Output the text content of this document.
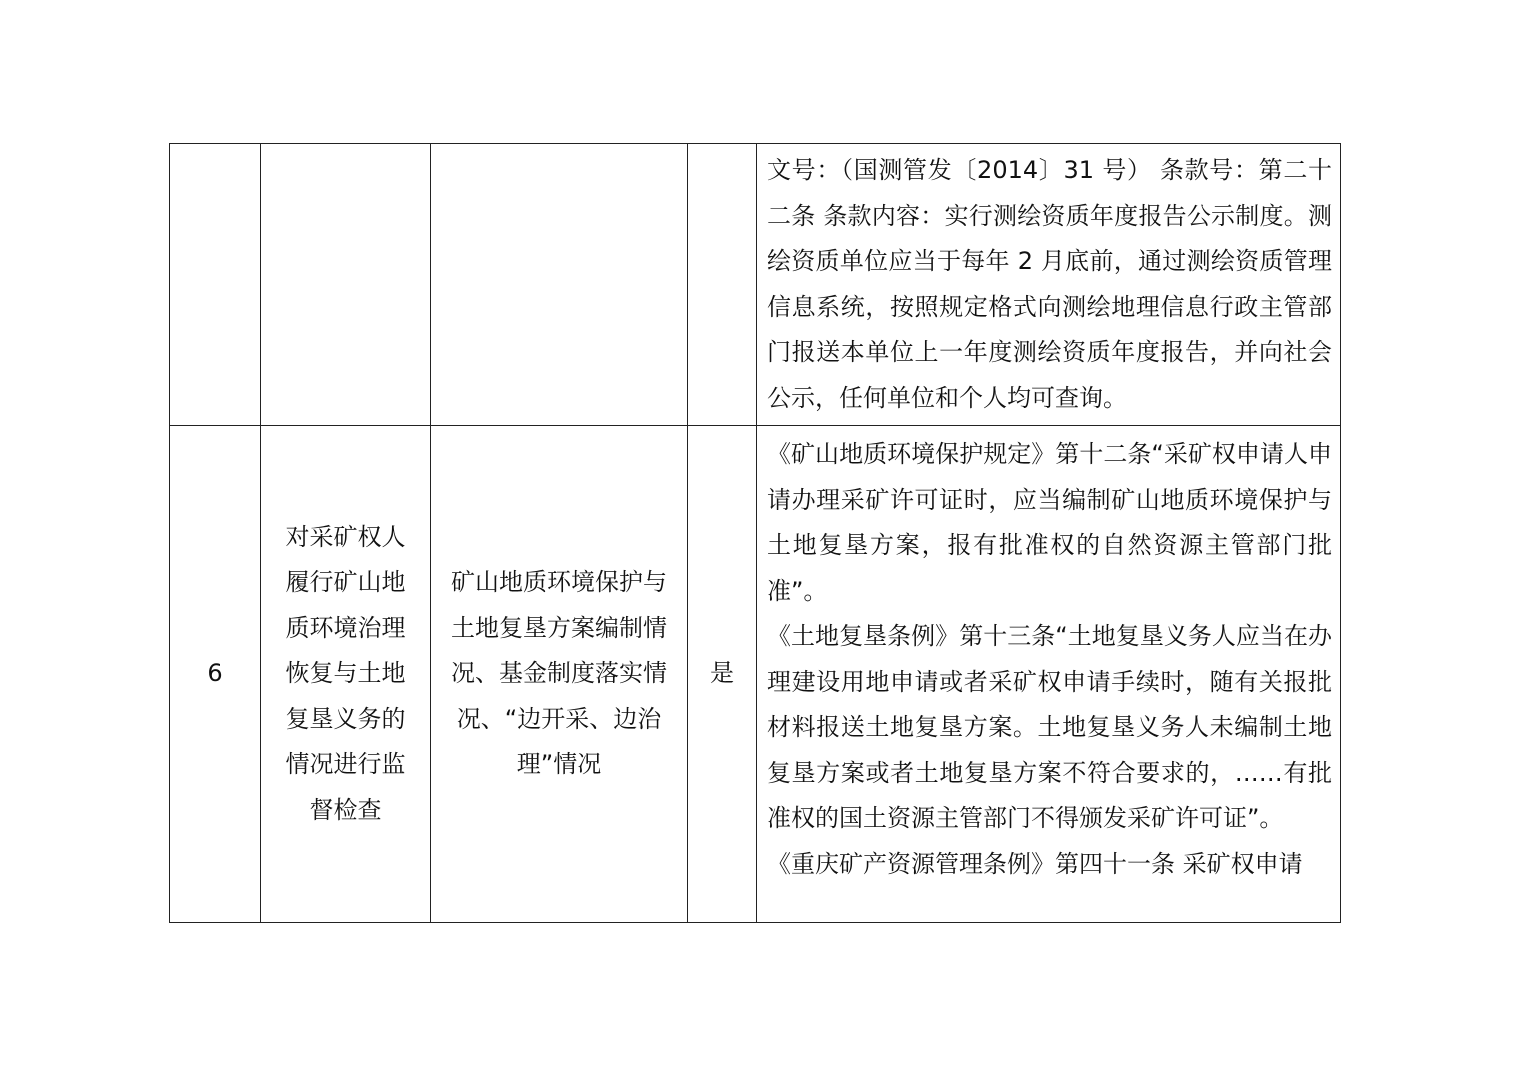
				文号：（国测管发〔2014〕31 号） 条款号：第二十二条 条款内容：实行测绘资质年度报告公示制度。测绘资质单位应当于每年 2 月底前，通过测绘资质管理信息系统，按照规定格式向测绘地理信息行政主管部门报送本单位上一年度测绘资质年度报告，并向社会公示，任何单位和个人均可查询。

6	对采矿权人履行矿山地质环境治理恢复与土地复垦义务的情况进行监督检查	矿山地质环境保护与土地复垦方案编制情况、基金制度落实情况、“边开采、边治理”情况	是	《矿山地质环境保护规定》第十二条“采矿权申请人申请办理采矿许可证时，应当编制矿山地质环境保护与土地复垦方案，报有批准权的自然资源主管部门批准”。
《土地复垦条例》第十三条“土地复垦义务人应当在办理建设用地申请或者采矿权申请手续时，随有关报批材料报送土地复垦方案。土地复垦义务人未编制土地复垦方案或者土地复垦方案不符合要求的，……有批准权的国土资源主管部门不得颁发采矿许可证”。
《重庆矿产资源管理条例》第四十一条 采矿权申请
